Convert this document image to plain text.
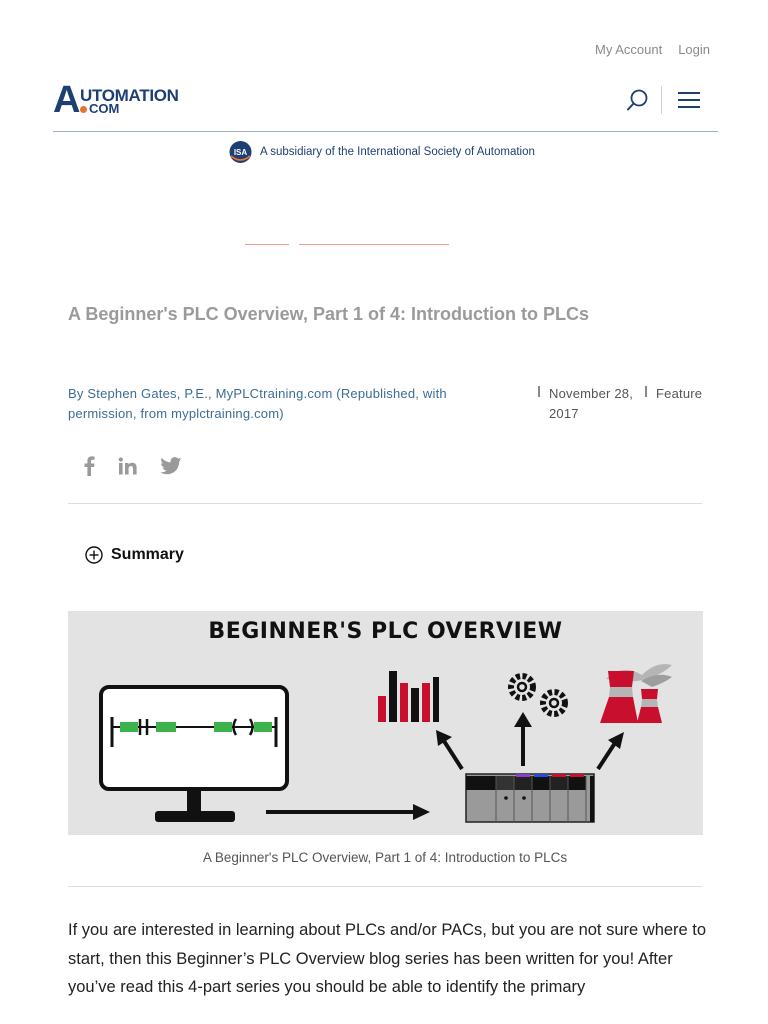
My Account Login
A UTOMATION
COM
ISA A subsidiary of the International Society of Automation
A Beginner's PLC Overview, Part 1 of 4: Introduction to PLCs
By Stephen Gates, P.E., MyPLCtraining.com (Republished, with permission, from myplctraining.com)
November 28, 2017
Feature
Summary
BEGINNER'S PLC OVERVIEW
A Beginner's PLC Overview, Part 1 of 4: Introduction to PLCs

If you are interested in learning about PLCs and/or PACs, but you are not sure where to start, then this Beginner’s PLC Overview blog series has been written for you! After you’ve read this 4-part series you should be able to identify the primary
